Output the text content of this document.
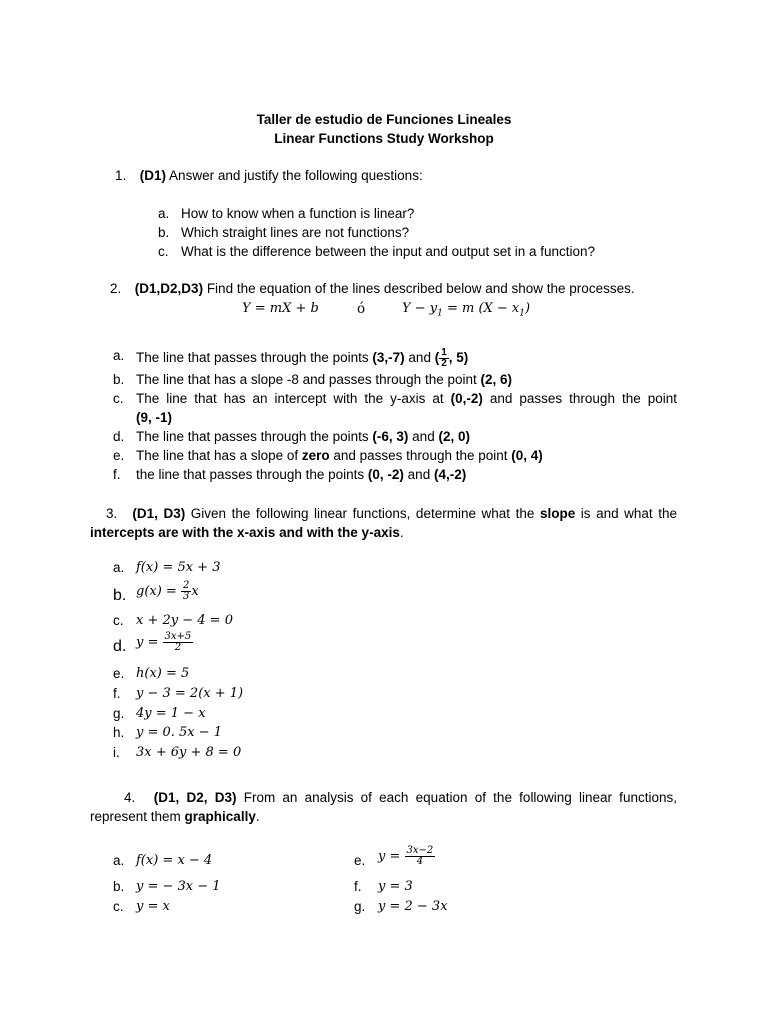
Taller de estudio de Funciones Lineales
Linear Functions Study Workshop
1. (D1) Answer and justify the following questions:
a. How to know when a function is linear?
b. Which straight lines are not functions?
c. What is the difference between the input and output set in a function?
2. (D1,D2,D3) Find the equation of the lines described below and show the processes.
Y = mX + b	ó	$Y - y_1 = m$ $(X - x_1)$
a. The line that passes through the points (3,-7) and ( $\frac{1}{2}$ , 5)
b. The line that has a slope -8 and passes through the point (2, 6)
c. The line that has an intercept with the y-axis at (0,-2) and passes through the point
(9, -1)
d. The line that passes through the points (-6, 3) and (2, 0)
e. The line that has a slope of zero and passes through the point (0, 4)
f. the line that passes through the points (0, -2) and (4,-2)
3. (D1, D3) Given the following linear functions, determine what the slope is and what the intercepts are with the x-axis and with the y-axis.
a. f(x) = 5x + 3
b. $g(x) = \frac{2}{3}$ x
c. x + 2y − 4 = 0
d. $y = \frac{3x+5}{2}$
e. h(x) = 5
f. y − 3 = 2(x + 1)
g. 4y = 1 − x
h. y = 0. 5x − 1
i. 3x + 6y + 8 = 0
4. (D1, D2, D3) From an analysis of each equation of the following linear functions, represent them graphically.
a. f(x) = x − 4
b. y = − 3x − 1
c. y = x
e. $y = \frac{3x-2}{4}$
f. y = 3
g. y = 2 − 3x
